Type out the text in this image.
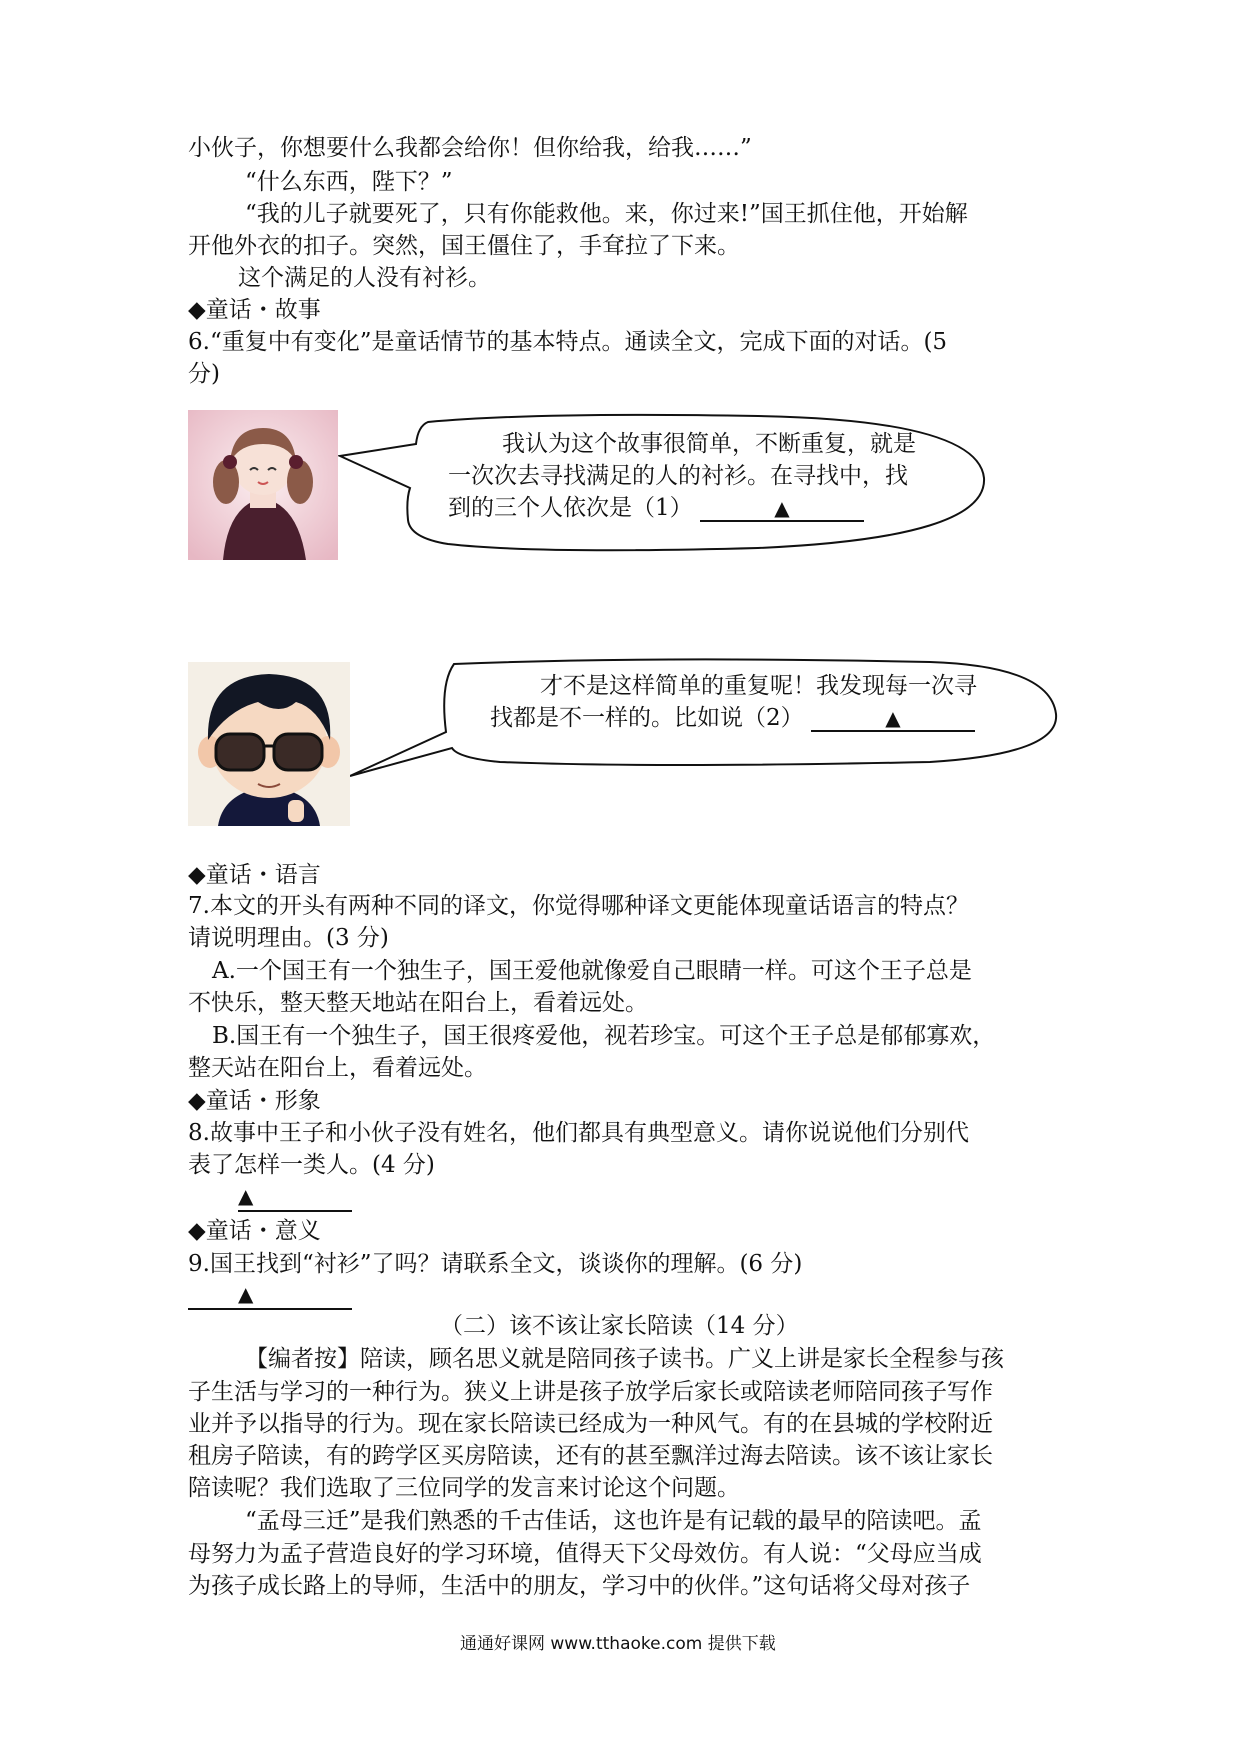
小伙子，你想要什么我都会给你！但你给我，给我……”
“什么东西，陛下？”
“我的儿子就要死了，只有你能救他。来，你过来!”国王抓住他，开始解
开他外衣的扣子。突然，国王僵住了，手耷拉了下来。
这个满足的人没有衬衫。
◆童话・故事
6.“重复中有变化”是童话情节的基本特点。通读全文，完成下面的对话。(5
分)
我认为这个故事很简单，不断重复，就是
一次次去寻找满足的人的衬衫。在寻找中，找
到的三个人依次是（1）	▲
才不是这样简单的重复呢！我发现每一次寻
找都是不一样的。比如说（2）	▲
◆童话・语言
7.本文的开头有两种不同的译文，你觉得哪种译文更能体现童话语言的特点？
请说明理由。(3 分)
A.一个国王有一个独生子，国王爱他就像爱自己眼睛一样。可这个王子总是
不快乐，整天整天地站在阳台上，看着远处。
B.国王有一个独生子，国王很疼爱他，视若珍宝。可这个王子总是郁郁寡欢，
整天站在阳台上，看着远处。
◆童话・形象
8.故事中王子和小伙子没有姓名，他们都具有典型意义。请你说说他们分别代
表了怎样一类人。(4 分)
▲
◆童话・意义
9.国王找到“衬衫”了吗？请联系全文，谈谈你的理解。(6 分)
▲
（二）该不该让家长陪读（14 分）
【编者按】陪读，顾名思义就是陪同孩子读书。广义上讲是家长全程参与孩
子生活与学习的一种行为。狭义上讲是孩子放学后家长或陪读老师陪同孩子写作
业并予以指导的行为。现在家长陪读已经成为一种风气。有的在县城的学校附近
租房子陪读，有的跨学区买房陪读，还有的甚至飘洋过海去陪读。该不该让家长
陪读呢？我们选取了三位同学的发言来讨论这个问题。
“孟母三迁”是我们熟悉的千古佳话，这也许是有记载的最早的陪读吧。孟
母努力为孟子营造良好的学习环境，值得天下父母效仿。有人说：“父母应当成
为孩子成长路上的导师，生活中的朋友，学习中的伙伴。”这句话将父母对孩子
通通好课网 www.tthaoke.com 提供下载
